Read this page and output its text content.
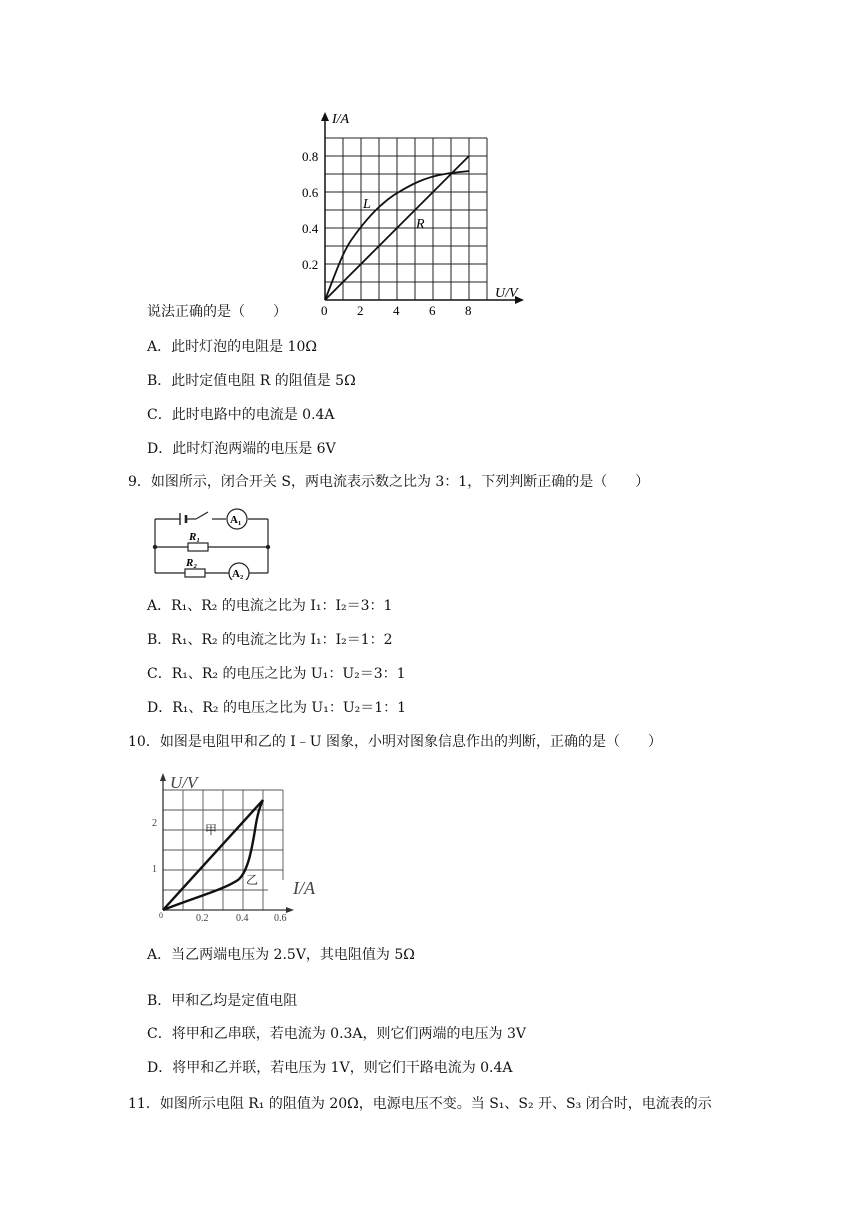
I/A
U/V
0.8
0.6
0.4
0.2
0 2 4 6 8
L
R
说法正确的是（　　）
A．此时灯泡的电阻是 10Ω
B．此时定值电阻 R 的阻值是 5Ω
C．此时电路中的电流是 0.4A
D．此时灯泡两端的电压是 6V
9．如图所示，闭合开关 S，两电流表示数之比为 3：1，下列判断正确的是（　　）
A₁
R₁
R₂
A₂
A．R₁、R₂ 的电流之比为 I₁：I₂＝3：1
B．R₁、R₂ 的电流之比为 I₁：I₂＝1：2
C．R₁、R₂ 的电压之比为 U₁：U₂＝3：1
D．R₁、R₂ 的电压之比为 U₁：U₂＝1：1
10．如图是电阻甲和乙的 I﹣U 图象，小明对图象信息作出的判断，正确的是（　　）
U/V
I/A
2
1
0	0.2	0.4	0.6
甲
乙
A．当乙两端电压为 2.5V，其电阻值为 5Ω
B．甲和乙均是定值电阻
C．将甲和乙串联，若电流为 0.3A，则它们两端的电压为 3V
D．将甲和乙并联，若电压为 1V，则它们干路电流为 0.4A
11．如图所示电阻 R₁ 的阻值为 20Ω，电源电压不变。当 S₁、S₂ 开、S₃ 闭合时，电流表的示
